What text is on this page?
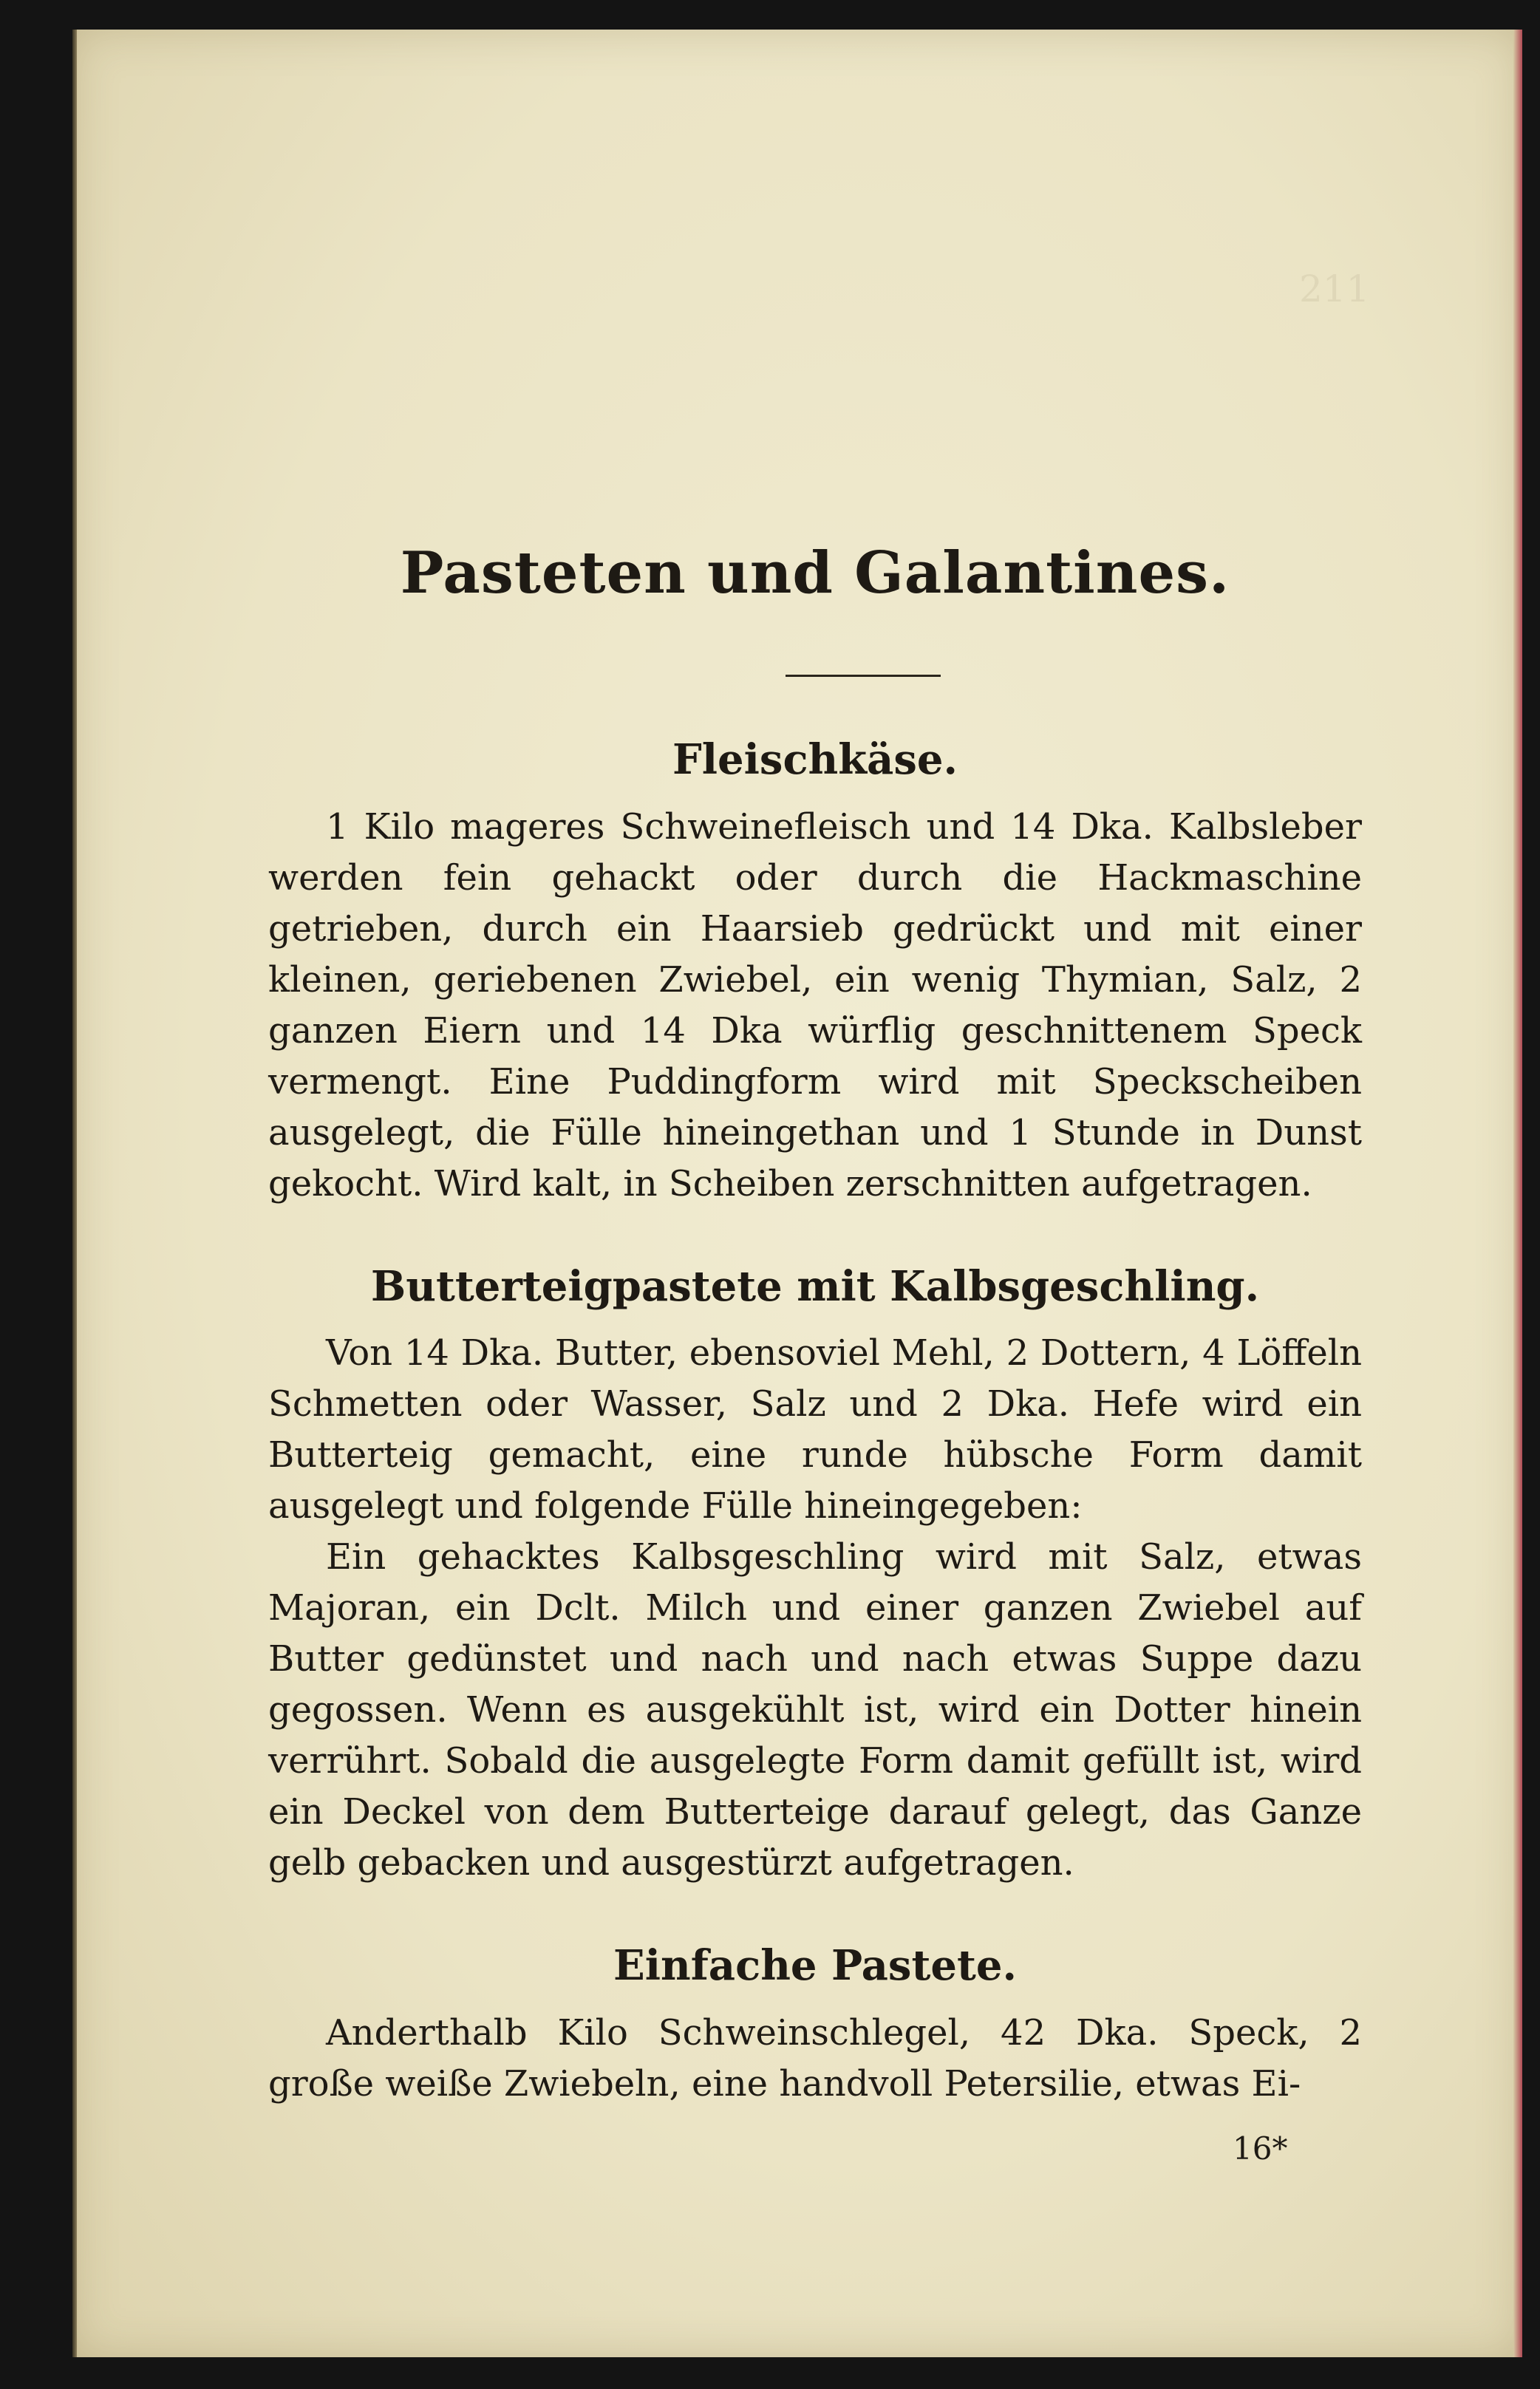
211
Pasteten und Galantines.
Fleischkäse.

1 Kilo mageres Schweinefleisch und 14 Dka. Kalbsleber werden fein gehackt oder durch die Hackmaschine getrieben, durch ein Haarsieb gedrückt und mit einer kleinen, geriebenen Zwiebel, ein wenig Thymian, Salz, 2 ganzen Eiern und 14 Dka würflig geschnittenem Speck vermengt. Eine Puddingform wird mit Speckscheiben ausgelegt, die Fülle hineingethan und 1 Stunde in Dunst gekocht. Wird kalt, in Scheiben zerschnitten aufgetragen.

Butterteigpastete mit Kalbsgeschling.

Von 14 Dka. Butter, ebensoviel Mehl, 2 Dottern, 4 Löffeln Schmetten oder Wasser, Salz und 2 Dka. Hefe wird ein Butterteig gemacht, eine runde hübsche Form damit ausgelegt und folgende Fülle hineingegeben:

Ein gehacktes Kalbsgeschling wird mit Salz, etwas Majoran, ein Dclt. Milch und einer ganzen Zwiebel auf Butter gedünstet und nach und nach etwas Suppe dazu gegossen. Wenn es ausgekühlt ist, wird ein Dotter hinein verrührt. Sobald die ausgelegte Form damit gefüllt ist, wird ein Deckel von dem Butterteige darauf gelegt, das Ganze gelb gebacken und ausgestürzt aufgetragen.

Einfache Pastete.

Anderthalb Kilo Schweinschlegel, 42 Dka. Speck, 2 große weiße Zwiebeln, eine handvoll Petersilie, etwas Ei-

16*
